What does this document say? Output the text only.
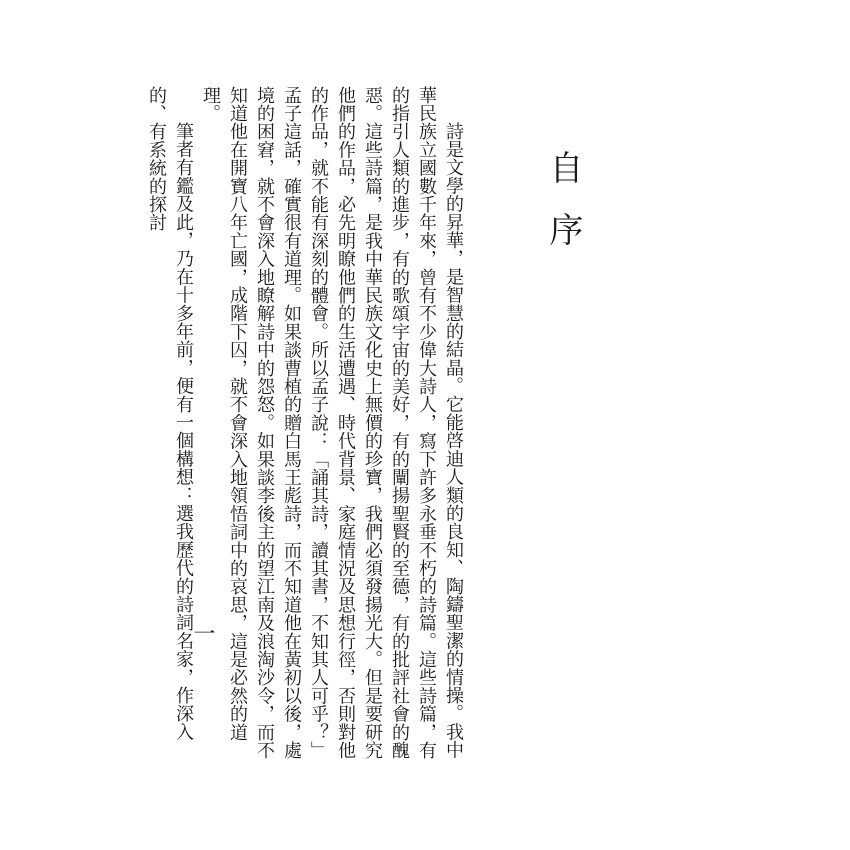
自序

詩是文學的昇華，是智慧的結晶。它能啓迪人類的良知、陶鑄聖潔的情操。我中華民族立國數千年來，曾有不少偉大詩人，寫下許多永垂不朽的詩篇。這些詩篇，有的指引人類的進步，有的歌頌宇宙的美好，有的闡揚聖賢的至德，有的批評社會的醜惡。這些詩篇，是我中華民族文化史上無價的珍寶，我們必須發揚光大。但是要研究他們的作品，必先明瞭他們的生活遭遇、時代背景、家庭情況及思想行徑，否則對他的作品，就不能有深刻的體會。所以孟子說：「誦其詩，讀其書，不知其人可乎？」孟子這話，確實很有道理。如果談曹植的贈白馬王彪詩，而不知道他在黃初以後，處境的困窘，就不會深入地瞭解詩中的怨怒。如果談李後主的望江南及浪淘沙令，而不知道他在開寶八年亡國，成階下囚，就不會深入地領悟詞中的哀思，這是必然的道理。

筆者有鑑及此，乃在十多年前，便有一個構想：選我歷代的詩詞名家，作深入的、有系統的探討

一
